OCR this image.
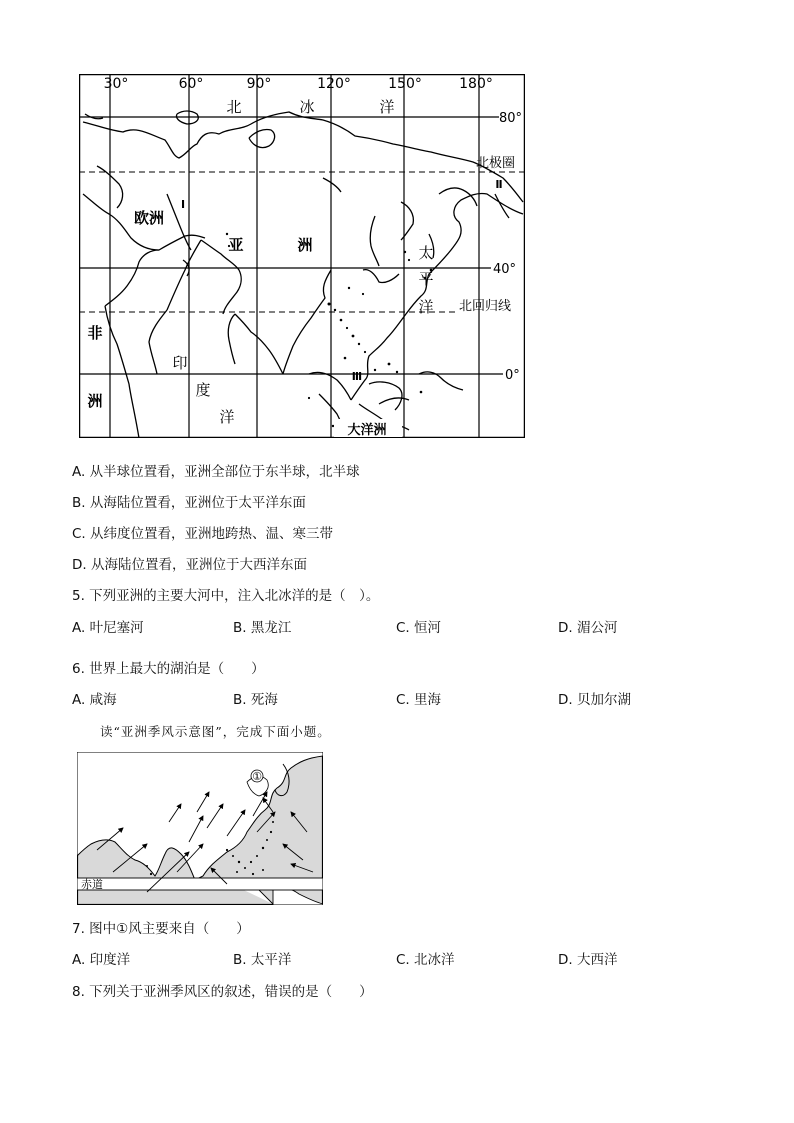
30°	60°	90°	120°	150°	180°
80°
40°
0°
北极圈
北回归线
北	冰	洋
太
平
洋
印
度
洋
欧洲
亚	洲
非
洲
大洋洲
Ⅰ
Ⅱ
Ⅲ
A. 从半球位置看，亚洲全部位于东半球，北半球
B. 从海陆位置看，亚洲位于太平洋东面
C. 从纬度位置看，亚洲地跨热、温、寒三带
D. 从海陆位置看，亚洲位于大西洋东面
5. 下列亚洲的主要大河中，注入北冰洋的是（　）。
A. 叶尼塞河	B. 黑龙江	C. 恒河	D. 湄公河
6. 世界上最大的湖泊是（　　）
A. 咸海	B. 死海	C. 里海	D. 贝加尔湖
读“亚洲季风示意图”，完成下面小题。
赤道
①
7. 图中①风主要来自（　　）
A. 印度洋	B. 太平洋	C. 北冰洋	D. 大西洋
8. 下列关于亚洲季风区的叙述，错误的是（　　）
